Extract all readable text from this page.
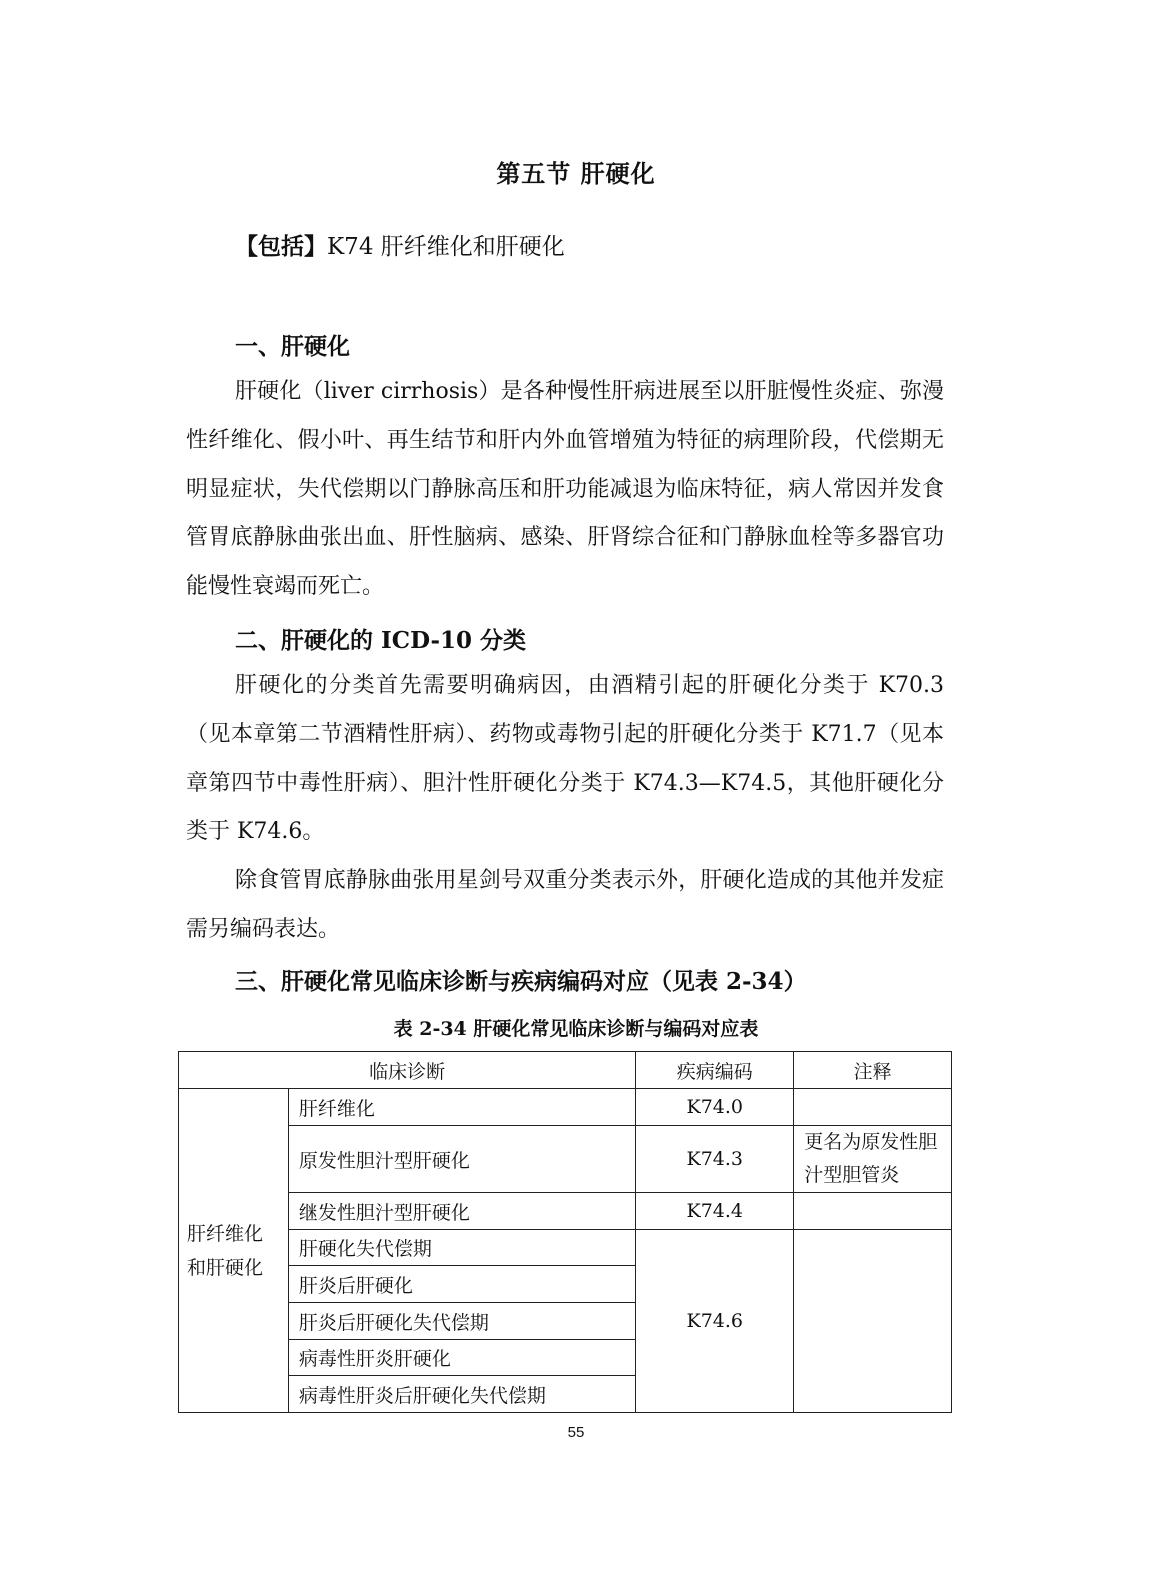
第五节 肝硬化
【包括】K74 肝纤维化和肝硬化
一、肝硬化

肝硬化（liver cirrhosis）是各种慢性肝病进展至以肝脏慢性炎症、弥漫性纤维化、假小叶、再生结节和肝内外血管增殖为特征的病理阶段，代偿期无明显症状，失代偿期以门静脉高压和肝功能减退为临床特征，病人常因并发食管胃底静脉曲张出血、肝性脑病、感染、肝肾综合征和门静脉血栓等多器官功能慢性衰竭而死亡。

二、肝硬化的 ICD-10 分类

肝硬化的分类首先需要明确病因，由酒精引起的肝硬化分类于 K70.3（见本章第二节酒精性肝病）、药物或毒物引起的肝硬化分类于 K71.7（见本章第四节中毒性肝病）、胆汁性肝硬化分类于 K74.3—K74.5，其他肝硬化分类于 K74.6。

除食管胃底静脉曲张用星剑号双重分类表示外，肝硬化造成的其他并发症需另编码表达。

三、肝硬化常见临床诊断与疾病编码对应（见表 2-34）
表 2-34 肝硬化常见临床诊断与编码对应表
临床诊断		疾病编码	注释
肝纤维化和肝硬化	肝纤维化	K74.0	
	原发性胆汁型肝硬化	K74.3	更名为原发性胆汁型胆管炎
	继发性胆汁型肝硬化	K74.4	
	肝硬化失代偿期	K74.6	
	肝炎后肝硬化		
	肝炎后肝硬化失代偿期		
	病毒性肝炎肝硬化		
	病毒性肝炎后肝硬化失代偿期		
55
